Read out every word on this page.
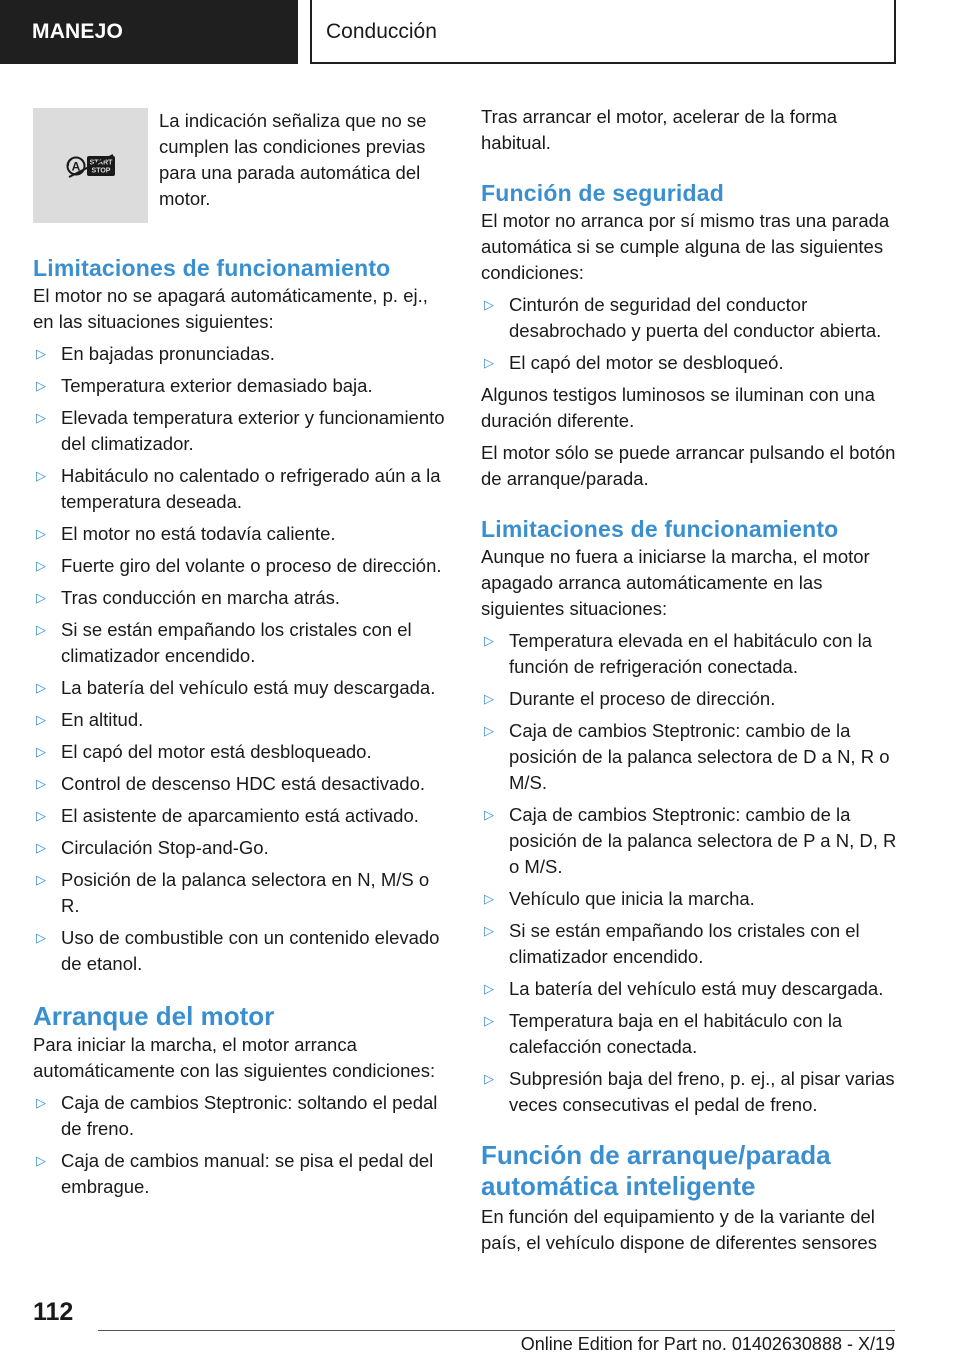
MANEJO	Conducción
A START
STOP

La indicación señaliza que no se cumplen las condiciones previas para una parada automática del motor.

Limitaciones de funcionamiento

El motor no se apagará automáticamente, p. ej., en las situaciones siguientes:

▷ En bajadas pronunciadas.
▷ Temperatura exterior demasiado baja.
▷ Elevada temperatura exterior y funcionamiento del climatizador.
▷ Habitáculo no calentado o refrigerado aún a la temperatura deseada.
▷ El motor no está todavía caliente.
▷ Fuerte giro del volante o proceso de dirección.
▷ Tras conducción en marcha atrás.
▷ Si se están empañando los cristales con el climatizador encendido.
▷ La batería del vehículo está muy descargada.
▷ En altitud.
▷ El capó del motor está desbloqueado.
▷ Control de descenso HDC está desactivado.
▷ El asistente de aparcamiento está activado.
▷ Circulación Stop-and-Go.
▷ Posición de la palanca selectora en N, M/S o R.
▷ Uso de combustible con un contenido elevado de etanol.
Arranque del motor

Para iniciar la marcha, el motor arranca automáticamente con las siguientes condiciones:

▷ Caja de cambios Steptronic: soltando el pedal de freno.
▷ Caja de cambios manual: se pisa el pedal del embrague.

Tras arrancar el motor, acelerar de la forma habitual.

Función de seguridad

El motor no arranca por sí mismo tras una parada automática si se cumple alguna de las siguientes condiciones:

▷ Cinturón de seguridad del conductor desabrochado y puerta del conductor abierta.
▷ El capó del motor se desbloqueó.

Algunos testigos luminosos se iluminan con una duración diferente.

El motor sólo se puede arrancar pulsando el botón de arranque/parada.

Limitaciones de funcionamiento

Aunque no fuera a iniciarse la marcha, el motor apagado arranca automáticamente en las siguientes situaciones:

▷ Temperatura elevada en el habitáculo con la función de refrigeración conectada.
▷ Durante el proceso de dirección.
▷ Caja de cambios Steptronic: cambio de la posición de la palanca selectora de D a N, R o M/S.
▷ Caja de cambios Steptronic: cambio de la posición de la palanca selectora de P a N, D, R o M/S.
▷ Vehículo que inicia la marcha.
▷ Si se están empañando los cristales con el climatizador encendido.
▷ La batería del vehículo está muy descargada.
▷ Temperatura baja en el habitáculo con la calefacción conectada.
▷ Subpresión baja del freno, p. ej., al pisar varias veces consecutivas el pedal de freno.
Función de arranque/parada automática inteligente

En función del equipamiento y de la variante del país, el vehículo dispone de diferentes sensores

112
Online Edition for Part no. 01402630888 - X/19
